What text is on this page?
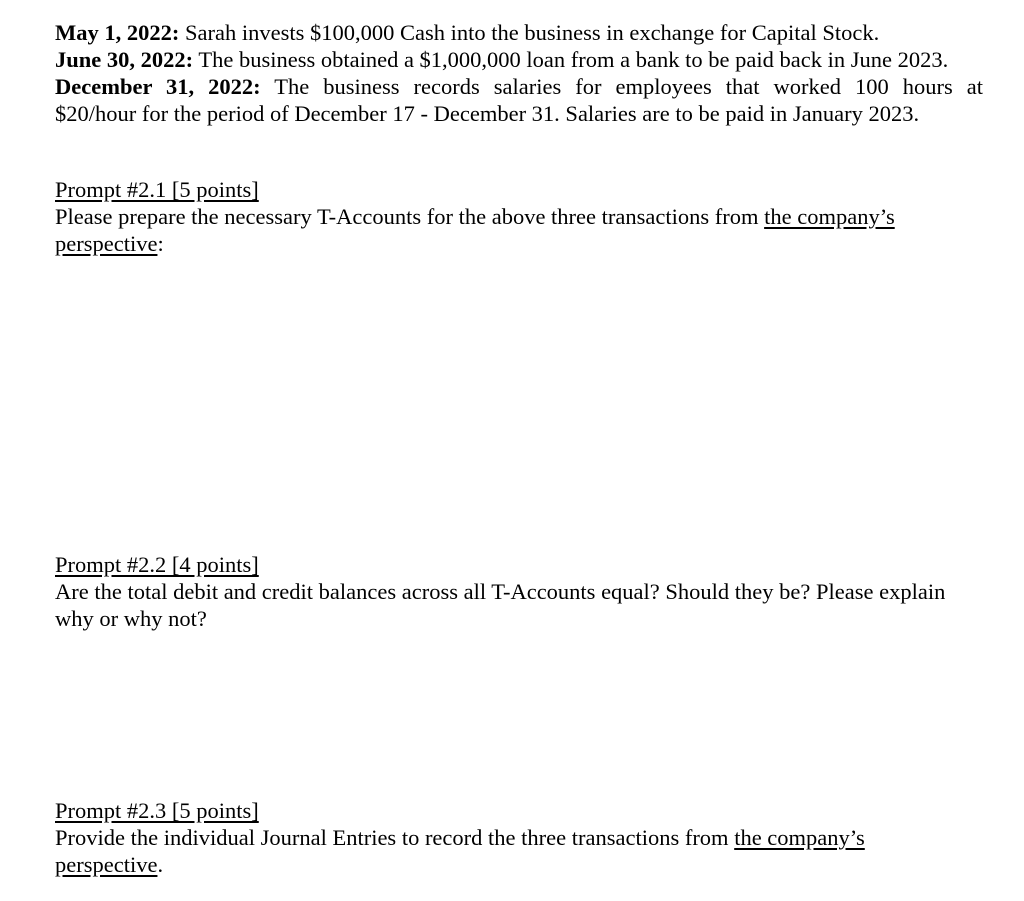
May 1, 2022: Sarah invests $100,000 Cash into the business in exchange for Capital Stock.
June 30, 2022: The business obtained a $1,000,000 loan from a bank to be paid back in June 2023.
December 31, 2022: The business records salaries for employees that worked 100 hours at
$20/hour for the period of December 17 - December 31. Salaries are to be paid in January 2023.
Prompt #2.1 [5 points]
Please prepare the necessary T-Accounts for the above three transactions from the company’s
perspective:
Prompt #2.2 [4 points]
Are the total debit and credit balances across all T-Accounts equal? Should they be? Please explain
why or why not?
Prompt #2.3 [5 points]
Provide the individual Journal Entries to record the three transactions from the company’s
perspective.
